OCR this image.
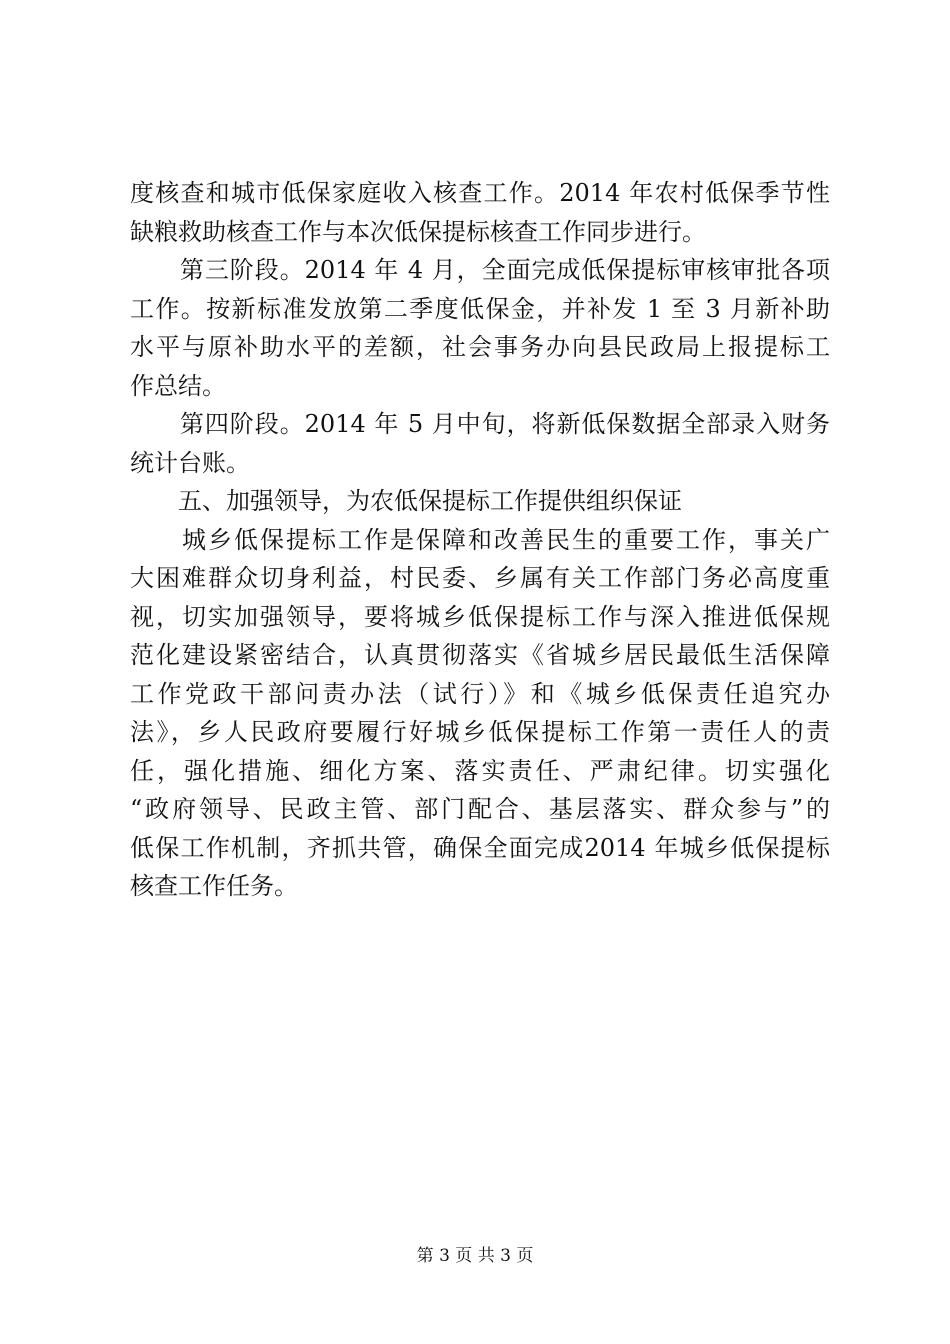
度核查和城市低保家庭收入核查工作。2014 年农村低保季节性
缺粮救助核查工作与本次低保提标核查工作同步进行。
　　第三阶段。2014 年 4 月，全面完成低保提标审核审批各项
工作。按新标准发放第二季度低保金，并补发 1 至 3 月新补助
水平与原补助水平的差额，社会事务办向县民政局上报提标工
作总结。
　　第四阶段。2014 年 5 月中旬，将新低保数据全部录入财务
统计台账。
　　五、加强领导，为农低保提标工作提供组织保证
　　城乡低保提标工作是保障和改善民生的重要工作，事关广
大困难群众切身利益，村民委、乡属有关工作部门务必高度重
视，切实加强领导，要将城乡低保提标工作与深入推进低保规
范化建设紧密结合，认真贯彻落实《省城乡居民最低生活保障
工作党政干部问责办法（试行）》和《城乡低保责任追究办
法》，乡人民政府要履行好城乡低保提标工作第一责任人的责
任，强化措施、细化方案、落实责任、严肃纪律。切实强化
“政府领导、民政主管、部门配合、基层落实、群众参与”的
低保工作机制，齐抓共管，确保全面完成2014 年城乡低保提标
核查工作任务。
第 3 页 共 3 页
